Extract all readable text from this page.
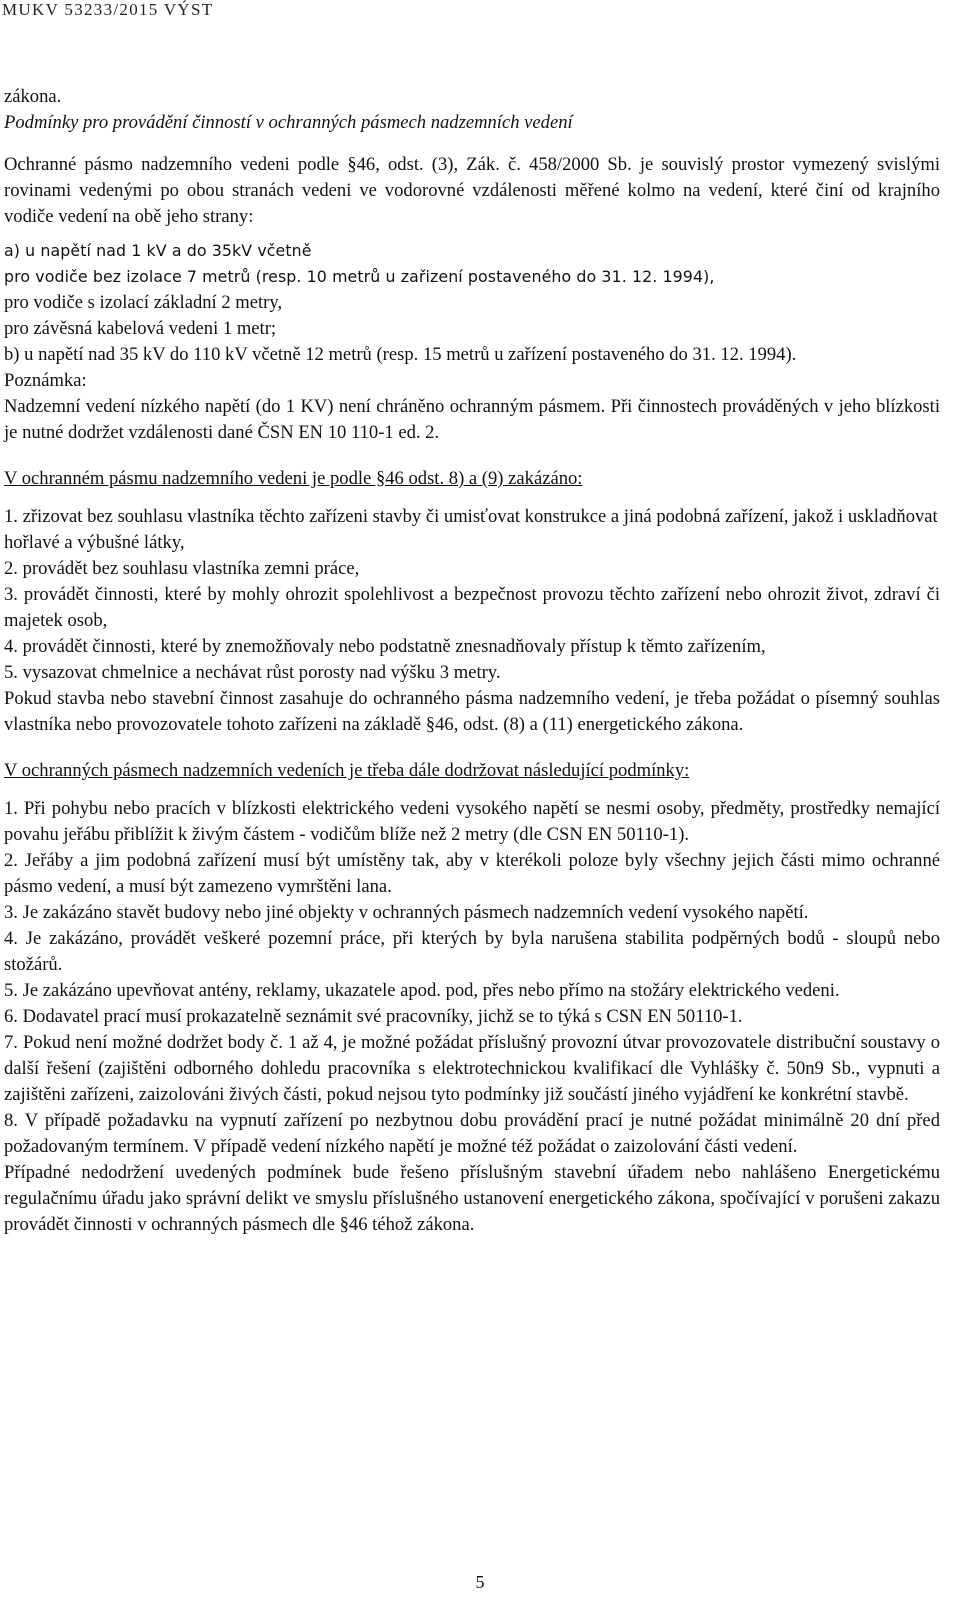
MUKV 53233/2015 VÝST

zákona.

Podmínky pro provádění činností v ochranných pásmech nadzemních vedení

Ochranné pásmo nadzemního vedeni podle §46, odst. (3), Zák. č. 458/2000 Sb. je souvislý prostor vymezený svislými rovinami vedenými po obou stranách vedeni ve vodorovné vzdálenosti měřené kolmo na vedení, které činí od krajního vodiče vedení na obě jeho strany:

a) u napětí nad 1 kV a do 35kV včetně

pro vodiče bez izolace 7 metrů (resp. 10 metrů u zařizení postaveného do 31. 12. 1994),

pro vodiče s izolací základní 2 metry,

pro závěsná kabelová vedeni 1 metr;

b) u napětí nad 35 kV do 110 kV včetně 12 metrů (resp. 15 metrů u zařízení postaveného do 31. 12. 1994).

Poznámka:

Nadzemní vedení nízkého napětí (do 1 KV) není chráněno ochranným pásmem. Při činnostech prováděných v jeho blízkosti je nutné dodržet vzdálenosti dané ČSN EN 10 110-1 ed. 2.

V ochranném pásmu nadzemního vedeni je podle §46 odst. 8) a (9) zakázáno:

1. zřizovat bez souhlasu vlastníka těchto zařízeni stavby či umisťovat konstrukce a jiná podobná zařízení, jakož i uskladňovat hořlavé a výbušné látky,

2. provádět bez souhlasu vlastníka zemni práce,

3. provádět činnosti, které by mohly ohrozit spolehlivost a bezpečnost provozu těchto zařízení nebo ohrozit život, zdraví či majetek osob,

4. provádět činnosti, které by znemožňovaly nebo podstatně znesnadňovaly přístup k těmto zařízením,

5. vysazovat chmelnice a nechávat růst porosty nad výšku 3 metry.

Pokud stavba nebo stavební činnost zasahuje do ochranného pásma nadzemního vedení, je třeba požádat o písemný souhlas vlastníka nebo provozovatele tohoto zařízeni na základě §46, odst. (8) a (11) energetického zákona.

V ochranných pásmech nadzemních vedeních je třeba dále dodržovat následující podmínky:

1. Při pohybu nebo pracích v blízkosti elektrického vedeni vysokého napětí se nesmi osoby, předměty, prostředky nemající povahu jeřábu přiblížit k živým částem - vodičům blíže než 2 metry (dle CSN EN 50110-1).

2. Jeřáby a jim podobná zařízení musí být umístěny tak, aby v kterékoli poloze byly všechny jejich části mimo ochranné pásmo vedení, a musí být zamezeno vymrštěni lana.

3. Je zakázáno stavět budovy nebo jiné objekty v ochranných pásmech nadzemních vedení vysokého napětí.

4. Je zakázáno, provádět veškeré pozemní práce, při kterých by byla narušena stabilita podpěrných bodů - sloupů nebo stožárů.

5. Je zakázáno upevňovat antény, reklamy, ukazatele apod. pod, přes nebo přímo na stožáry elektrického vedeni.

6. Dodavatel prací musí prokazatelně seznámit své pracovníky, jichž se to týká s CSN EN 50110-1.

7. Pokud není možné dodržet body č. 1 až 4, je možné požádat příslušný provozní útvar provozovatele distribuční soustavy o další řešení (zajištěni odborného dohledu pracovníka s elektrotechnickou kvalifikací dle Vyhlášky č. 50n9 Sb., vypnuti a zajištěni zařízeni, zaizolováni živých části, pokud nejsou tyto podmínky již součástí jiného vyjádření ke konkrétní stavbě.

8. V případě požadavku na vypnutí zařízení po nezbytnou dobu provádění prací je nutné požádat minimálně 20 dní před požadovaným termínem. V případě vedení nízkého napětí je možné též požádat o zaizolování části vedení.

Případné nedodržení uvedených podmínek bude řešeno příslušným stavební úřadem nebo nahlášeno Energetickému regulačnímu úřadu jako správní delikt ve smyslu příslušného ustanovení energetického zákona, spočívající v porušeni zakazu provádět činnosti v ochranných pásmech dle §46 téhož zákona.

5
